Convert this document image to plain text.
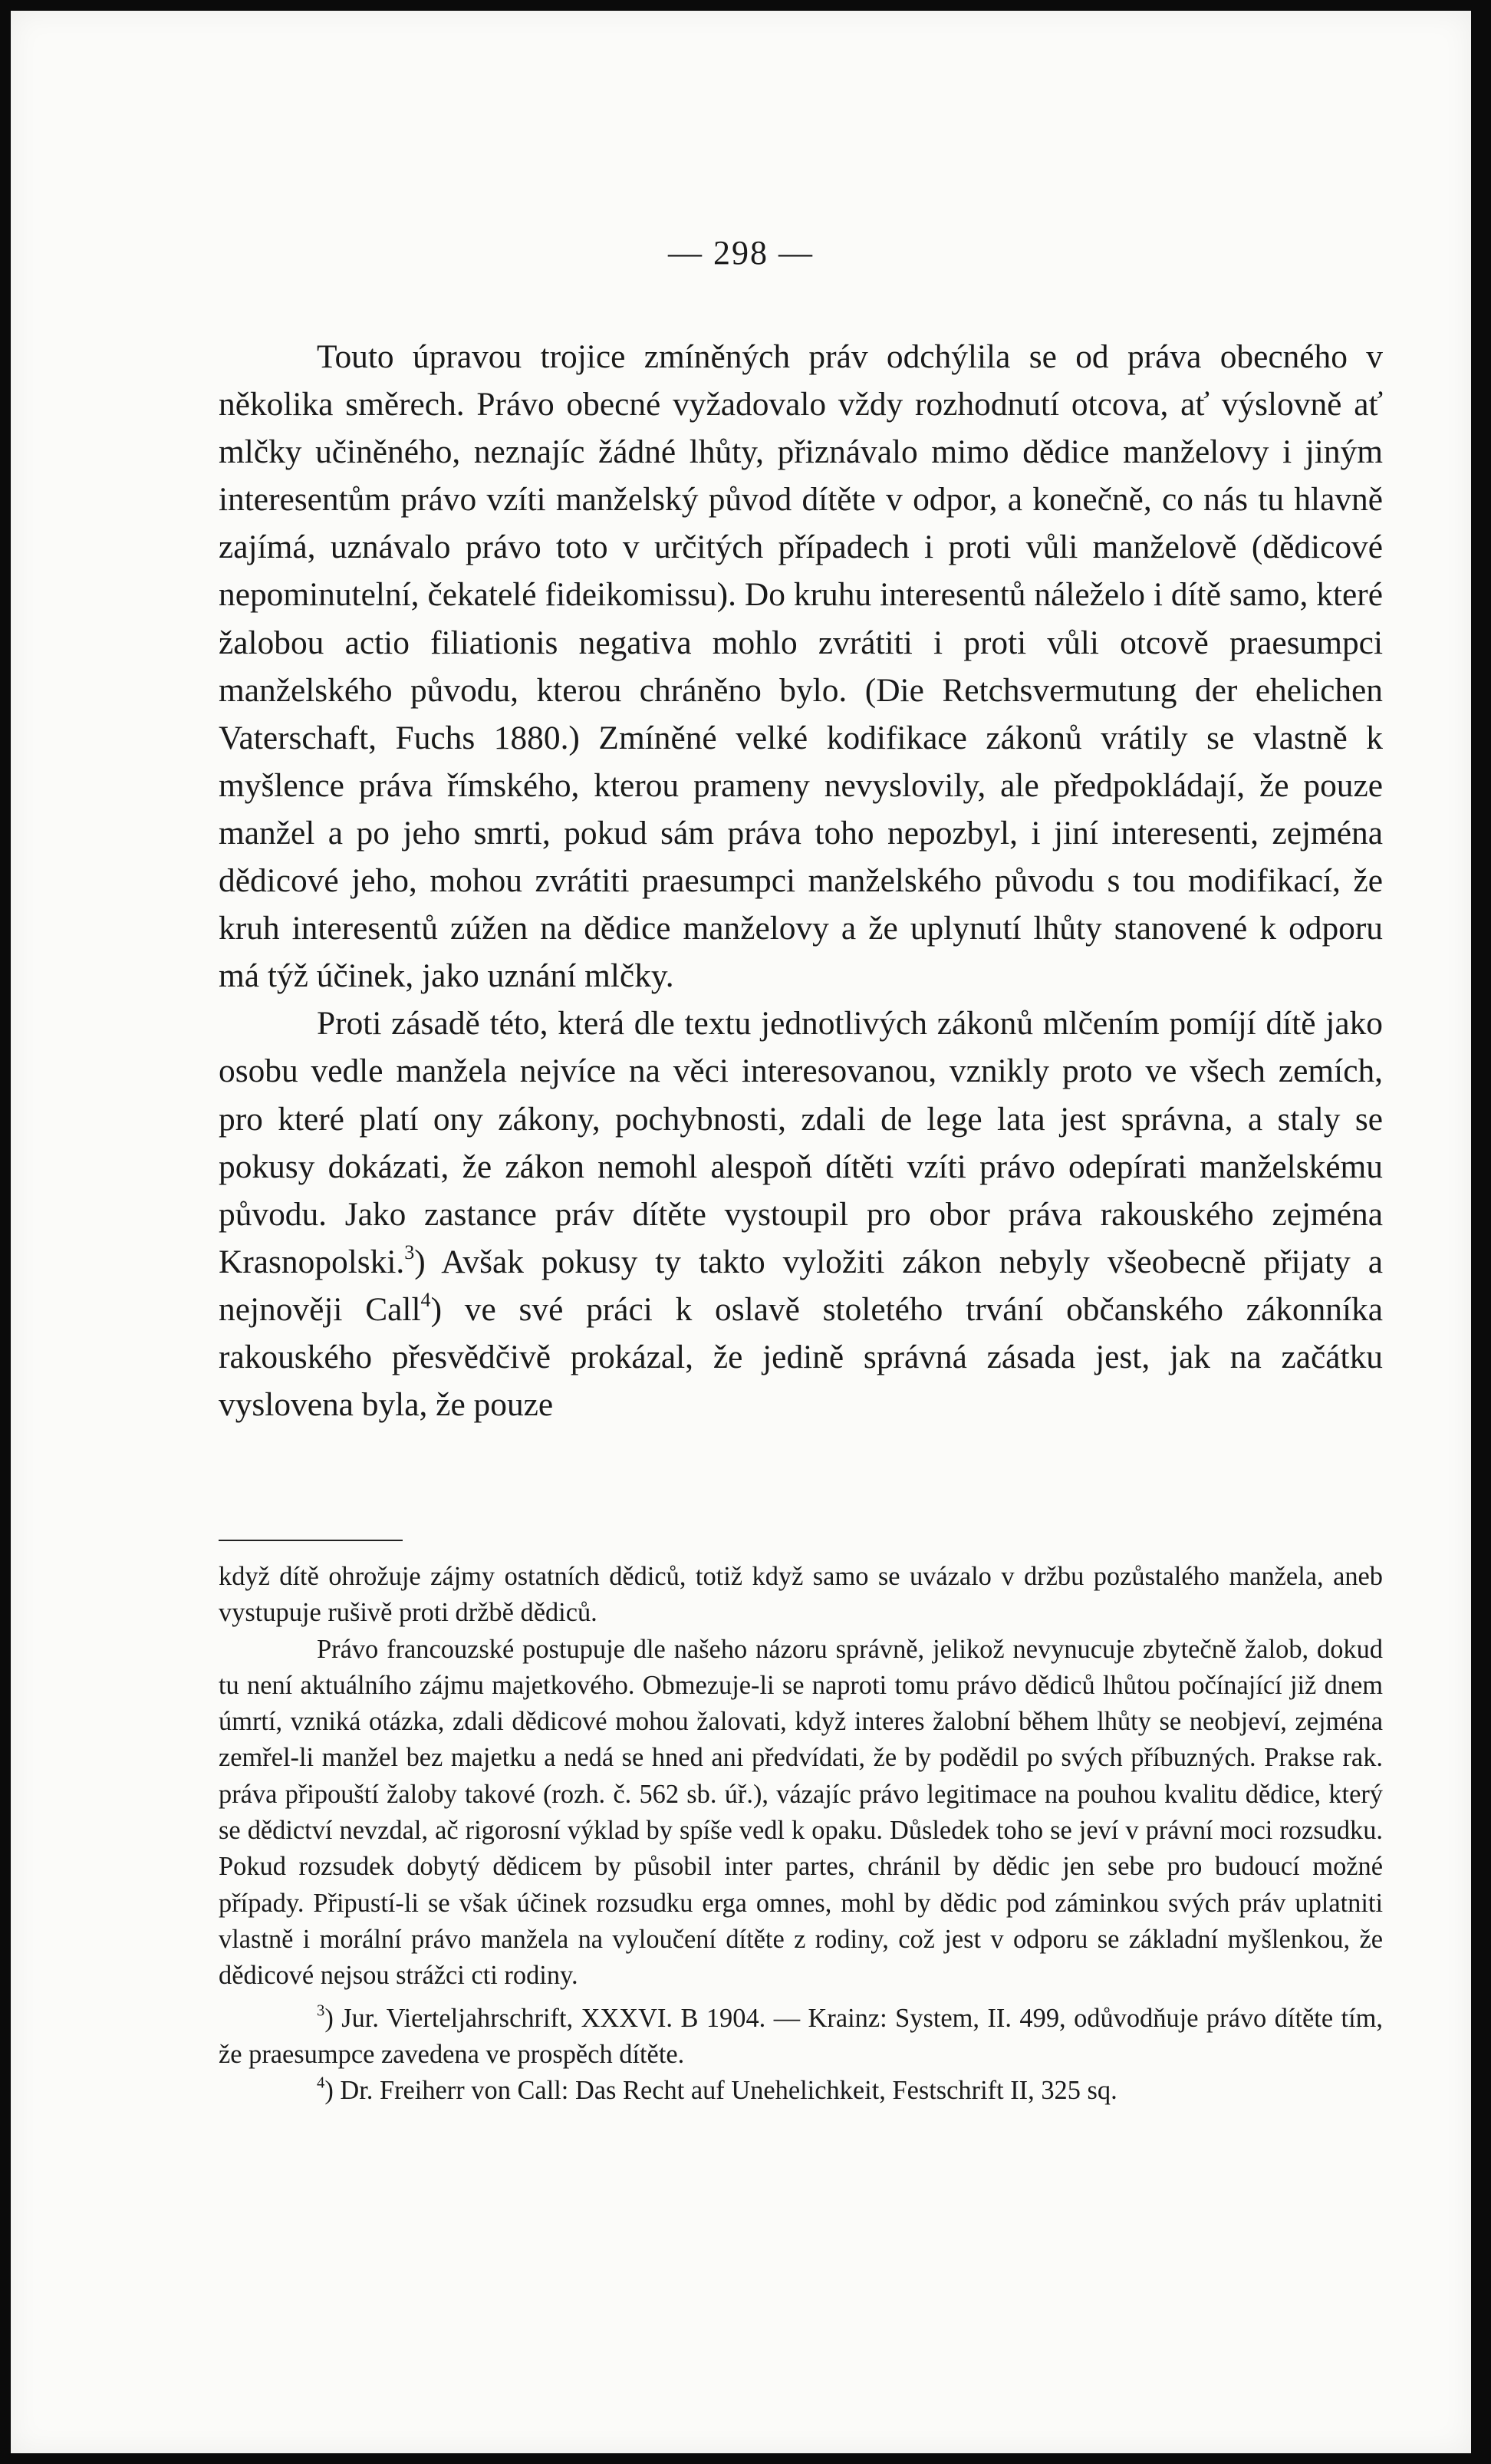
— 298 —

Touto úpravou trojice zmíněných práv odchýlila se od práva obecného v několika směrech. Právo obecné vyžadovalo vždy rozhodnutí otcova, ať výslovně ať mlčky učiněného, neznajíc žádné lhůty, přiznávalo mimo dědice manželovy i jiným interesentům právo vzíti manželský původ dítěte v odpor, a konečně, co nás tu hlavně zajímá, uznávalo právo toto v určitých případech i proti vůli manželově (dědicové nepominutelní, čekatelé fideikomissu). Do kruhu interesentů náleželo i dítě samo, které žalobou actio filiationis negativa mohlo zvrátiti i proti vůli otcově praesumpci manželského původu, kterou chráněno bylo. (Die Retchsvermutung der ehelichen Vaterschaft, Fuchs 1880.) Zmíněné velké kodifikace zákonů vrátily se vlastně k myšlence práva římského, kterou prameny nevyslovily, ale předpokládají, že pouze manžel a po jeho smrti, pokud sám práva toho nepozbyl, i jiní interesenti, zejména dědicové jeho, mohou zvrátiti praesumpci manželského původu s tou modifikací, že kruh interesentů zúžen na dědice manželovy a že uplynutí lhůty stanovené k odporu má týž účinek, jako uznání mlčky.

Proti zásadě této, která dle textu jednotlivých zákonů mlčením pomíjí dítě jako osobu vedle manžela nejvíce na věci interesovanou, vznikly proto ve všech zemích, pro které platí ony zákony, pochybnosti, zdali de lege lata jest správna, a staly se pokusy dokázati, že zákon nemohl alespoň dítěti vzíti právo odepírati manželskému původu. Jako zastance práv dítěte vystoupil pro obor práva rakouského zejména Krasnopolski.$^3$) Avšak pokusy ty takto vyložiti zákon nebyly všeobecně přijaty a nejnověji Call$^4$) ve své práci k oslavě stoletého trvání občanského zákonníka rakouského přesvědčivě prokázal, že jedině správná zásada jest, jak na začátku vyslovena byla, že pouze

když dítě ohrožuje zájmy ostatních dědiců, totiž když samo se uvázalo v držbu pozůstalého manžela, aneb vystupuje rušivě proti držbě dědiců.

Právo francouzské postupuje dle našeho názoru správně, jelikož nevynucuje zbytečně žalob, dokud tu není aktuálního zájmu majetkového. Obmezuje-li se naproti tomu právo dědiců lhůtou počínající již dnem úmrtí, vzniká otázka, zdali dědicové mohou žalovati, když interes žalobní během lhůty se neobjeví, zejména zemřel-li manžel bez majetku a nedá se hned ani předvídati, že by podědil po svých příbuzných. Prakse rak. práva připouští žaloby takové (rozh. č. 562 sb. úř.), vázajíc právo legitimace na pouhou kvalitu dědice, který se dědictví nevzdal, ač rigorosní výklad by spíše vedl k opaku. Důsledek toho se jeví v právní moci rozsudku. Pokud rozsudek dobytý dědicem by působil inter partes, chránil by dědic jen sebe pro budoucí možné případy. Připustí-li se však účinek rozsudku erga omnes, mohl by dědic pod záminkou svých práv uplatniti vlastně i morální právo manžela na vyloučení dítěte z rodiny, což jest v odporu se základní myšlenkou, že dědicové nejsou strážci cti rodiny.

$^3$) Jur. Vierteljahrschrift, XXXVI. B 1904. — Krainz: System, II. 499, odůvodňuje právo dítěte tím, že praesumpce zavedena ve prospěch dítěte.

$^4$) Dr. Freiherr von Call: Das Recht auf Unehelichkeit, Festschrift II, 325 sq.
